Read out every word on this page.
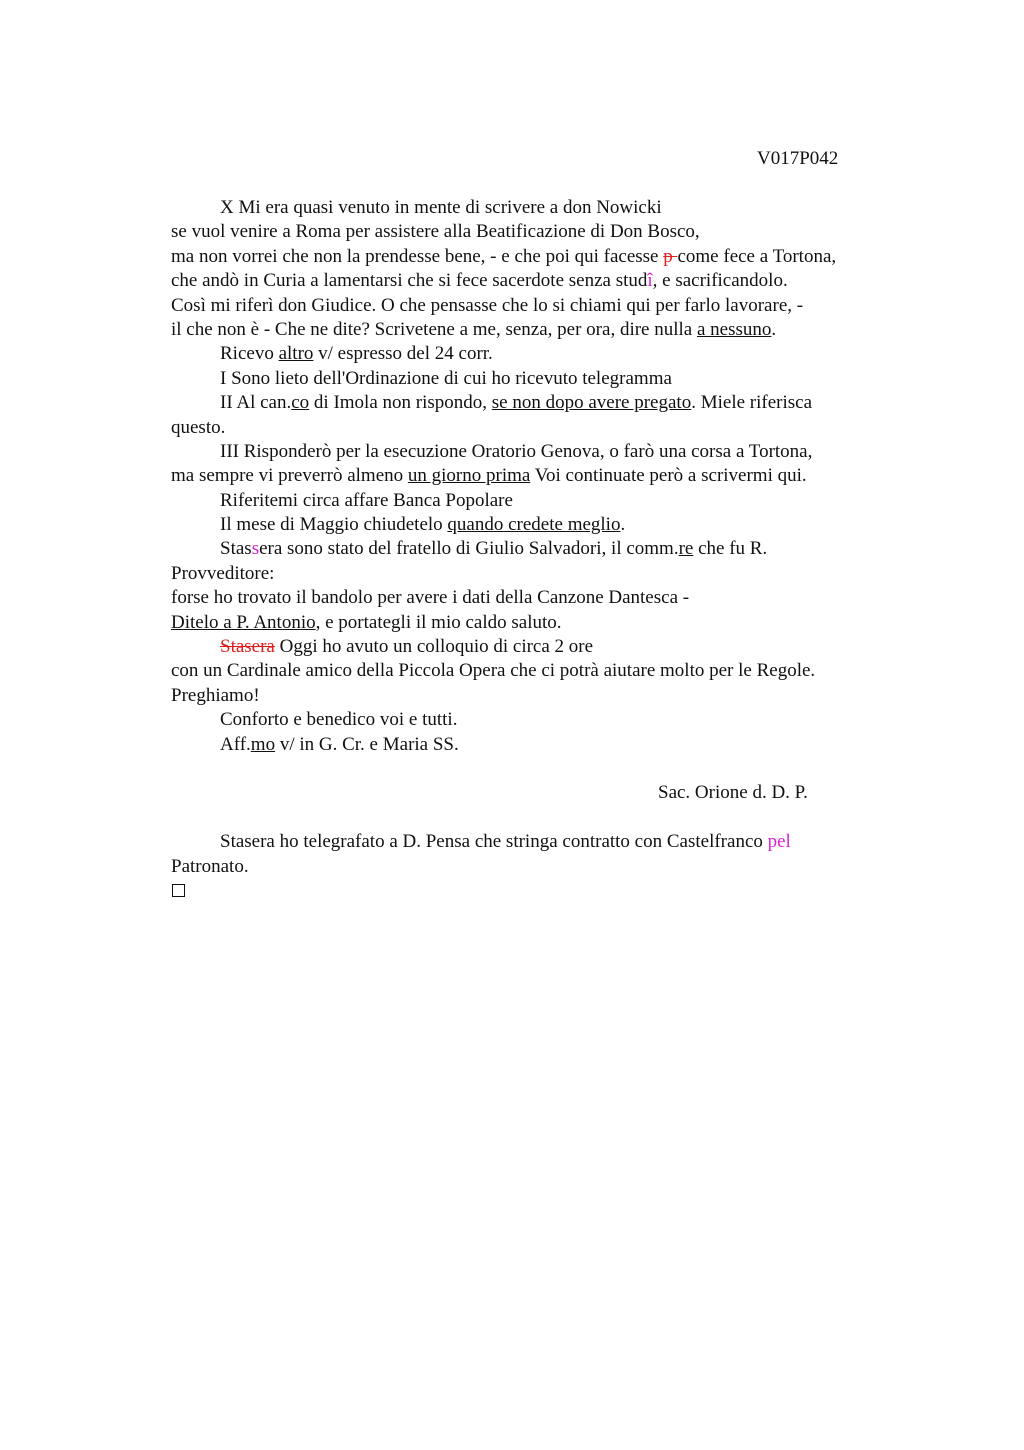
V017P042
X Mi era quasi venuto in mente di scrivere a don Nowicki
se vuol venire a Roma per assistere alla Beatificazione di Don Bosco,
ma non vorrei che non la prendesse bene, - e che poi qui facesse p come fece a Tortona,
che andò in Curia a lamentarsi che si fece sacerdote senza studî, e sacrificandolo.
Così mi riferì don Giudice. O che pensasse che lo si chiami qui per farlo lavorare, -
il che non è - Che ne dite? Scrivetene a me, senza, per ora, dire nulla a nessuno.
Ricevo altro v/ espresso del 24 corr.
I Sono lieto dell'Ordinazione di cui ho ricevuto telegramma
II Al can.co di Imola non rispondo, se non dopo avere pregato. Miele riferisca
questo.
III Risponderò per la esecuzione Oratorio Genova, o farò una corsa a Tortona,
ma sempre vi preverrò almeno un giorno prima Voi continuate però a scrivermi qui.
Riferitemi circa affare Banca Popolare
Il mese di Maggio chiudetelo quando credete meglio.
Stassera sono stato del fratello di Giulio Salvadori, il comm.re che fu R.
Provveditore:
forse ho trovato il bandolo per avere i dati della Canzone Dantesca -
Ditelo a P. Antonio, e portategli il mio caldo saluto.
Stasera Oggi ho avuto un colloquio di circa 2 ore
con un Cardinale amico della Piccola Opera che ci potrà aiutare molto per le Regole.
Preghiamo!
Conforto e benedico voi e tutti.
Aff.mo v/ in G. Cr. e Maria SS.
Sac. Orione d. D. P.
Stasera ho telegrafato a D. Pensa che stringa contratto con Castelfranco pel
Patronato.
